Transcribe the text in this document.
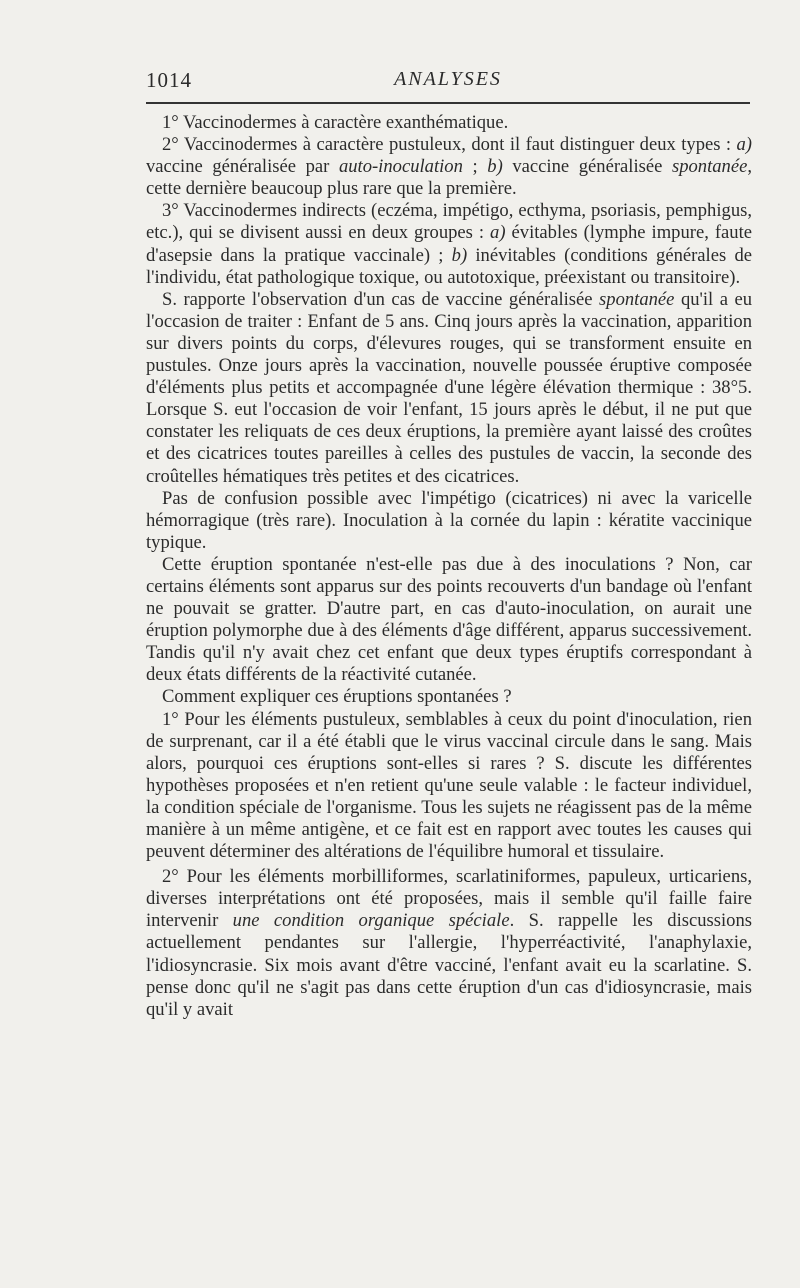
1014	ANALYSES

1° Vaccinodermes à caractère exanthématique.

2° Vaccinodermes à caractère pustuleux, dont il faut distinguer deux types : a) vaccine généralisée par auto-inoculation ; b) vaccine généralisée spontanée, cette dernière beaucoup plus rare que la première.

3° Vaccinodermes indirects (eczéma, impétigo, ecthyma, psoriasis, pemphigus, etc.), qui se divisent aussi en deux groupes : a) évitables (lymphe impure, faute d'asepsie dans la pratique vaccinale) ; b) inévitables (conditions générales de l'individu, état pathologique toxique, ou autotoxique, préexistant ou transitoire).

S. rapporte l'observation d'un cas de vaccine généralisée spontanée qu'il a eu l'occasion de traiter : Enfant de 5 ans. Cinq jours après la vaccination, apparition sur divers points du corps, d'élevures rouges, qui se transforment ensuite en pustules. Onze jours après la vaccination, nouvelle poussée éruptive composée d'éléments plus petits et accompagnée d'une légère élévation thermique : 38°5. Lorsque S. eut l'occasion de voir l'enfant, 15 jours après le début, il ne put que constater les reliquats de ces deux éruptions, la première ayant laissé des croûtes et des cicatrices toutes pareilles à celles des pustules de vaccin, la seconde des croûtelles hématiques très petites et des cicatrices.

Pas de confusion possible avec l'impétigo (cicatrices) ni avec la varicelle hémorragique (très rare). Inoculation à la cornée du lapin : kératite vaccinique typique.

Cette éruption spontanée n'est-elle pas due à des inoculations ? Non, car certains éléments sont apparus sur des points recouverts d'un bandage où l'enfant ne pouvait se gratter. D'autre part, en cas d'auto-inoculation, on aurait une éruption polymorphe due à des éléments d'âge différent, apparus successivement. Tandis qu'il n'y avait chez cet enfant que deux types éruptifs correspondant à deux états différents de la réactivité cutanée.

Comment expliquer ces éruptions spontanées ?

1° Pour les éléments pustuleux, semblables à ceux du point d'inoculation, rien de surprenant, car il a été établi que le virus vaccinal circule dans le sang. Mais alors, pourquoi ces éruptions sont-elles si rares ? S. discute les différentes hypothèses proposées et n'en retient qu'une seule valable : le facteur individuel, la condition spéciale de l'organisme. Tous les sujets ne réagissent pas de la même manière à un même antigène, et ce fait est en rapport avec toutes les causes qui peuvent déterminer des altérations de l'équilibre humoral et tissulaire.

2° Pour les éléments morbilliformes, scarlatiniformes, papuleux, urticariens, diverses interprétations ont été proposées, mais il semble qu'il faille faire intervenir une condition organique spéciale. S. rappelle les discussions actuellement pendantes sur l'allergie, l'hyperréactivité, l'anaphylaxie, l'idiosyncrasie. Six mois avant d'être vacciné, l'enfant avait eu la scarlatine. S. pense donc qu'il ne s'agit pas dans cette éruption d'un cas d'idiosyncrasie, mais qu'il y avait
